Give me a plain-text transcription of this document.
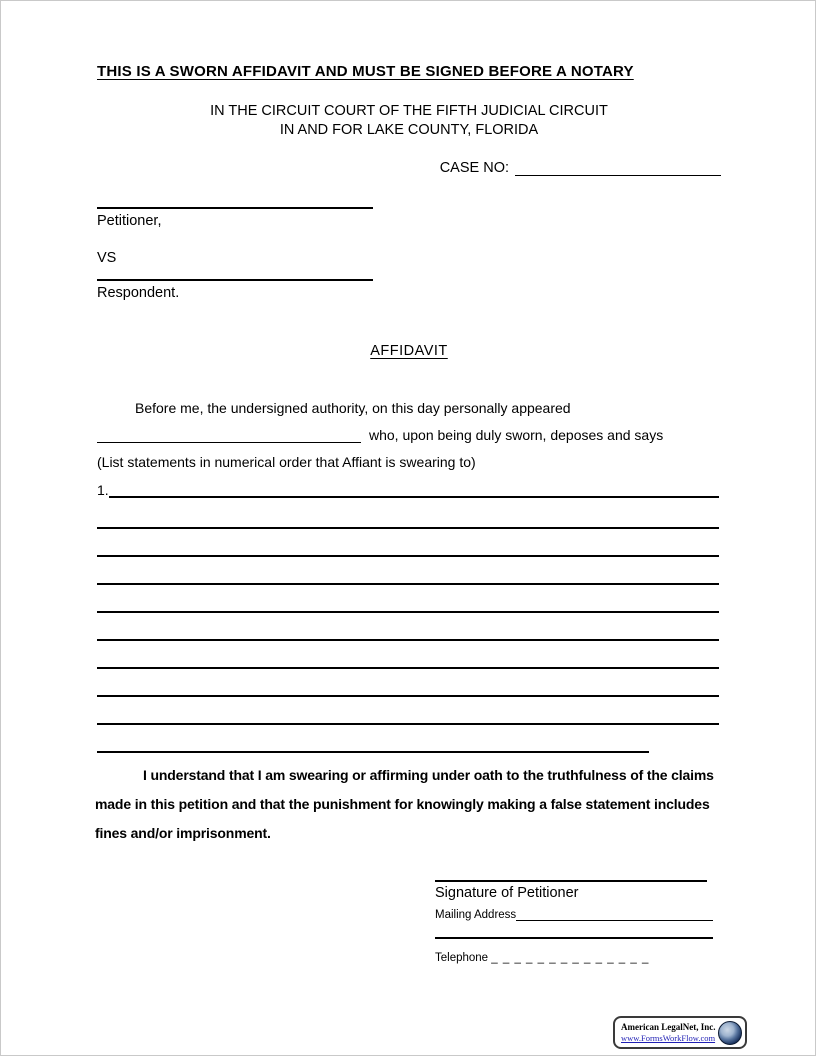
THIS IS A SWORN AFFIDAVIT AND MUST BE SIGNED BEFORE A NOTARY
IN THE CIRCUIT COURT OF THE FIFTH JUDICIAL CIRCUIT
IN AND FOR LAKE COUNTY, FLORIDA
CASE NO:
Petitioner,
VS
Respondent.
AFFIDAVIT
Before me, the undersigned authority, on this day personally appeared
who, upon being duly sworn, deposes and says
(List statements in numerical order that Affiant is swearing to)
1.
I understand that I am swearing or affirming under oath to the truthfulness of the claims made in this petition and that the punishment for knowingly making a false statement includes fines and/or imprisonment.
Signature of Petitioner
Mailing Address
Telephone _ _ _ _ _ _ _ _ _ _ _ _ _ _
American LegalNet, Inc.
www.FormsWorkFlow.com
